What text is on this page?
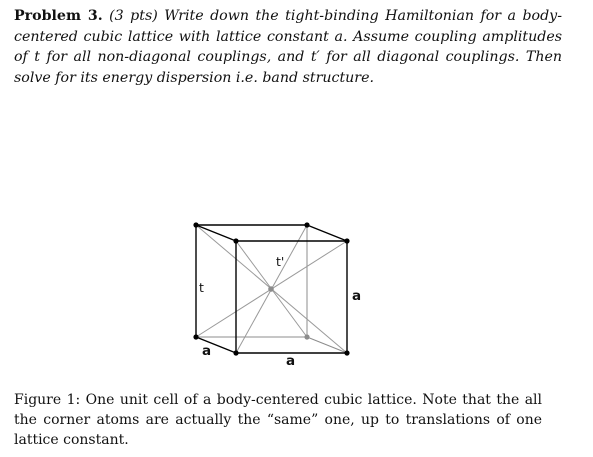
Problem 3. (3 pts) Write down the tight-binding Hamiltonian for a body-centered cubic lattice with lattice constant a. Assume coupling amplitudes of t for all non-diagonal couplings, and t′ for all diagonal couplings. Then solve for its energy dispersion i.e. band structure.
t
t'
a
a
a
Figure 1: One unit cell of a body-centered cubic lattice. Note that the all the corner atoms are actually the “same” one, up to translations of one lattice constant.
